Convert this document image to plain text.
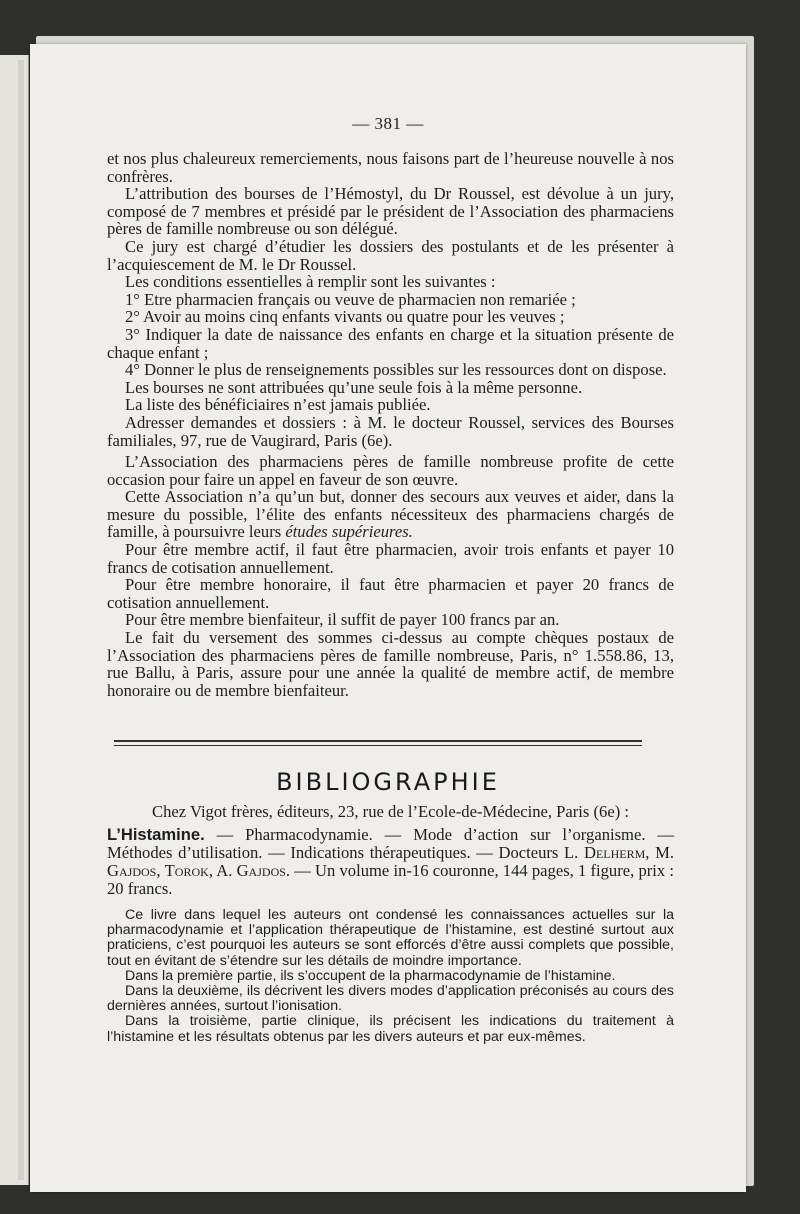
— 381 —

et nos plus chaleureux remerciements, nous faisons part de l’heureuse nouvelle à nos confrères.

L’attribution des bourses de l’Hémostyl, du Dr Roussel, est dévolue à un jury, composé de 7 membres et présidé par le président de l’Association des pharmaciens pères de famille nombreuse ou son délégué.

Ce jury est chargé d’étudier les dossiers des postulants et de les présenter à l’acquiescement de M. le Dr Roussel.

Les conditions essentielles à remplir sont les suivantes :

1° Etre pharmacien français ou veuve de pharmacien non remariée ;

2° Avoir au moins cinq enfants vivants ou quatre pour les veuves ;

3° Indiquer la date de naissance des enfants en charge et la situation présente de chaque enfant ;

4° Donner le plus de renseignements possibles sur les ressources dont on dispose.

Les bourses ne sont attribuées qu’une seule fois à la même personne.

La liste des bénéficiaires n’est jamais publiée.

Adresser demandes et dossiers : à M. le docteur Roussel, services des Bourses familiales, 97, rue de Vaugirard, Paris (6e).

L’Association des pharmaciens pères de famille nombreuse profite de cette occasion pour faire un appel en faveur de son œuvre.

Cette Association n’a qu’un but, donner des secours aux veuves et aider, dans la mesure du possible, l’élite des enfants nécessiteux des pharmaciens chargés de famille, à poursuivre leurs études supérieures.

Pour être membre actif, il faut être pharmacien, avoir trois enfants et payer 10 francs de cotisation annuellement.

Pour être membre honoraire, il faut être pharmacien et payer 20 francs de cotisation annuellement.

Pour être membre bienfaiteur, il suffit de payer 100 francs par an.

Le fait du versement des sommes ci-dessus au compte chèques postaux de l’Association des pharmaciens pères de famille nombreuse, Paris, n° 1.558.86, 13, rue Ballu, à Paris, assure pour une année la qualité de membre actif, de membre honoraire ou de membre bienfaiteur.

BIBLIOGRAPHIE
Chez Vigot frères, éditeurs, 23, rue de l’Ecole-de-Médecine, Paris (6e) :
L’Histamine. — Pharmacodynamie. — Mode d’action sur l’organisme. — Méthodes d’utilisation. — Indications thérapeutiques. — Docteurs L. Delherm, M. Gajdos, Torok, A. Gajdos. — Un volume in-16 couronne, 144 pages, 1 figure, prix : 20 francs.

Ce livre dans lequel les auteurs ont condensé les connaissances actuelles sur la pharmacodynamie et l’application thérapeutique de l’histamine, est destiné surtout aux praticiens, c’est pourquoi les auteurs se sont efforcés d’être aussi complets que possible, tout en évitant de s’étendre sur les détails de moindre importance.

Dans la première partie, ils s’occupent de la pharmacodynamie de l’histamine.

Dans la deuxième, ils décrivent les divers modes d’application préconisés au cours des dernières années, surtout l’ionisation.

Dans la troisième, partie clinique, ils précisent les indications du traitement à l’histamine et les résultats obtenus par les divers auteurs et par eux-mêmes.
